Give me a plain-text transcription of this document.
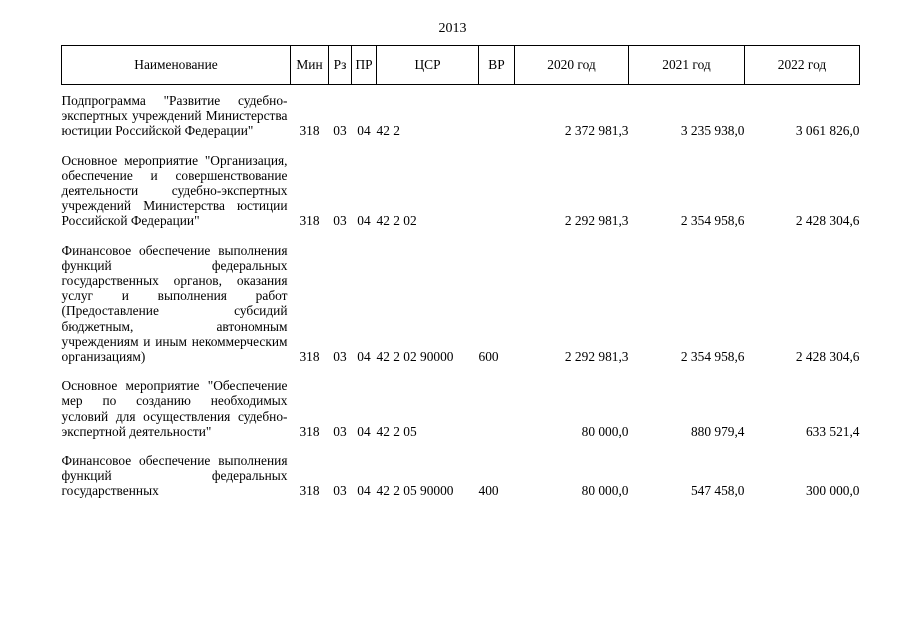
2013
Наименование	Мин	Рз	ПР	ЦСР	ВР	2020 год	2021 год	2022 год
Подпрограмма "Развитие судебно-экспертных учреждений Министерства юстиции Российской Федерации"	318	03	04	42 2		2 372 981,3	3 235 938,0	3 061 826,0
Основное мероприятие "Организация, обеспечение и совершенствование деятельности судебно-экспертных учреждений Министерства юстиции Российской Федерации"	318	03	04	42 2 02		2 292 981,3	2 354 958,6	2 428 304,6
Финансовое обеспечение выполнения функций федеральных государственных органов, оказания услуг и выполнения работ (Предоставление субсидий бюджетным, автономным учреждениям и иным некоммерческим организациям)	318	03	04	42 2 02 90000	600	2 292 981,3	2 354 958,6	2 428 304,6
Основное мероприятие "Обеспечение мер по созданию необходимых условий для осуществления судебно-экспертной деятельности"	318	03	04	42 2 05		80 000,0	880 979,4	633 521,4
Финансовое обеспечение выполнения функций федеральных государственных	318	03	04	42 2 05 90000	400	80 000,0	547 458,0	300 000,0
